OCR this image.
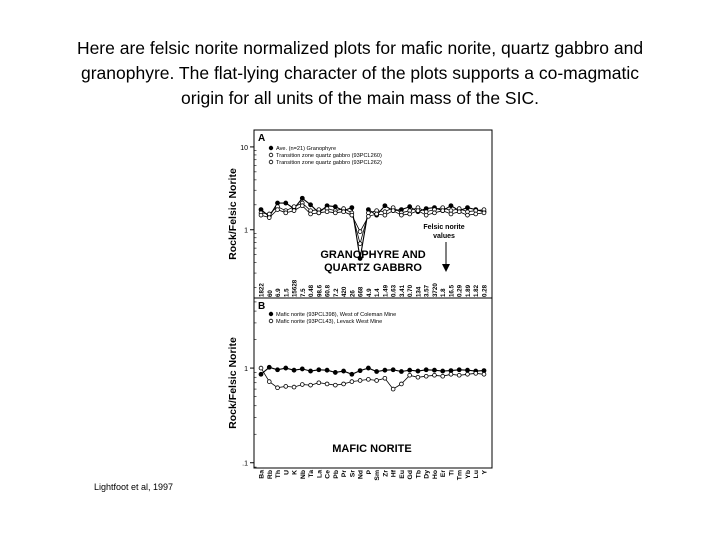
Here are felsic norite normalized plots for mafic norite, quartz gabbro and
granophyre. The flat-lying character of the plots supports a co-magmatic
origin for all units of the main mass of the SIC.
10
1
A
Rock/Felsic Norite
Ave. (n=21) Granophyre
Transition zone quartz gabbro (93PCL260)
Transition zone quartz gabbro (93PCL262)
GRANOPHYRE AND
QUARTZ GABBRO
Felsic norite
values
1822 60 6.9 1.5 15628 7.5 0.48 98.6 60.8 7.2 420 26 668 4.9 1.4 1.49 0.63 3.41 0.70 134 3.57 3720 1.8 16.5 0.29 1.89 1.82 0.28
1
.1
B
Rock/Felsic Norite
Mafic norite (93PCL398), West of Coleman Mine
Mafic norite (93PCL43), Levack West Mine
MAFIC NORITE
Ba Rb Th U K Nb Ta La Ce Pb Pr Sr Nd P Sm Zr Hf Eu Gd Tb Dy Ho Er Ti Tm Yb Lu Y
Lightfoot et al, 1997
